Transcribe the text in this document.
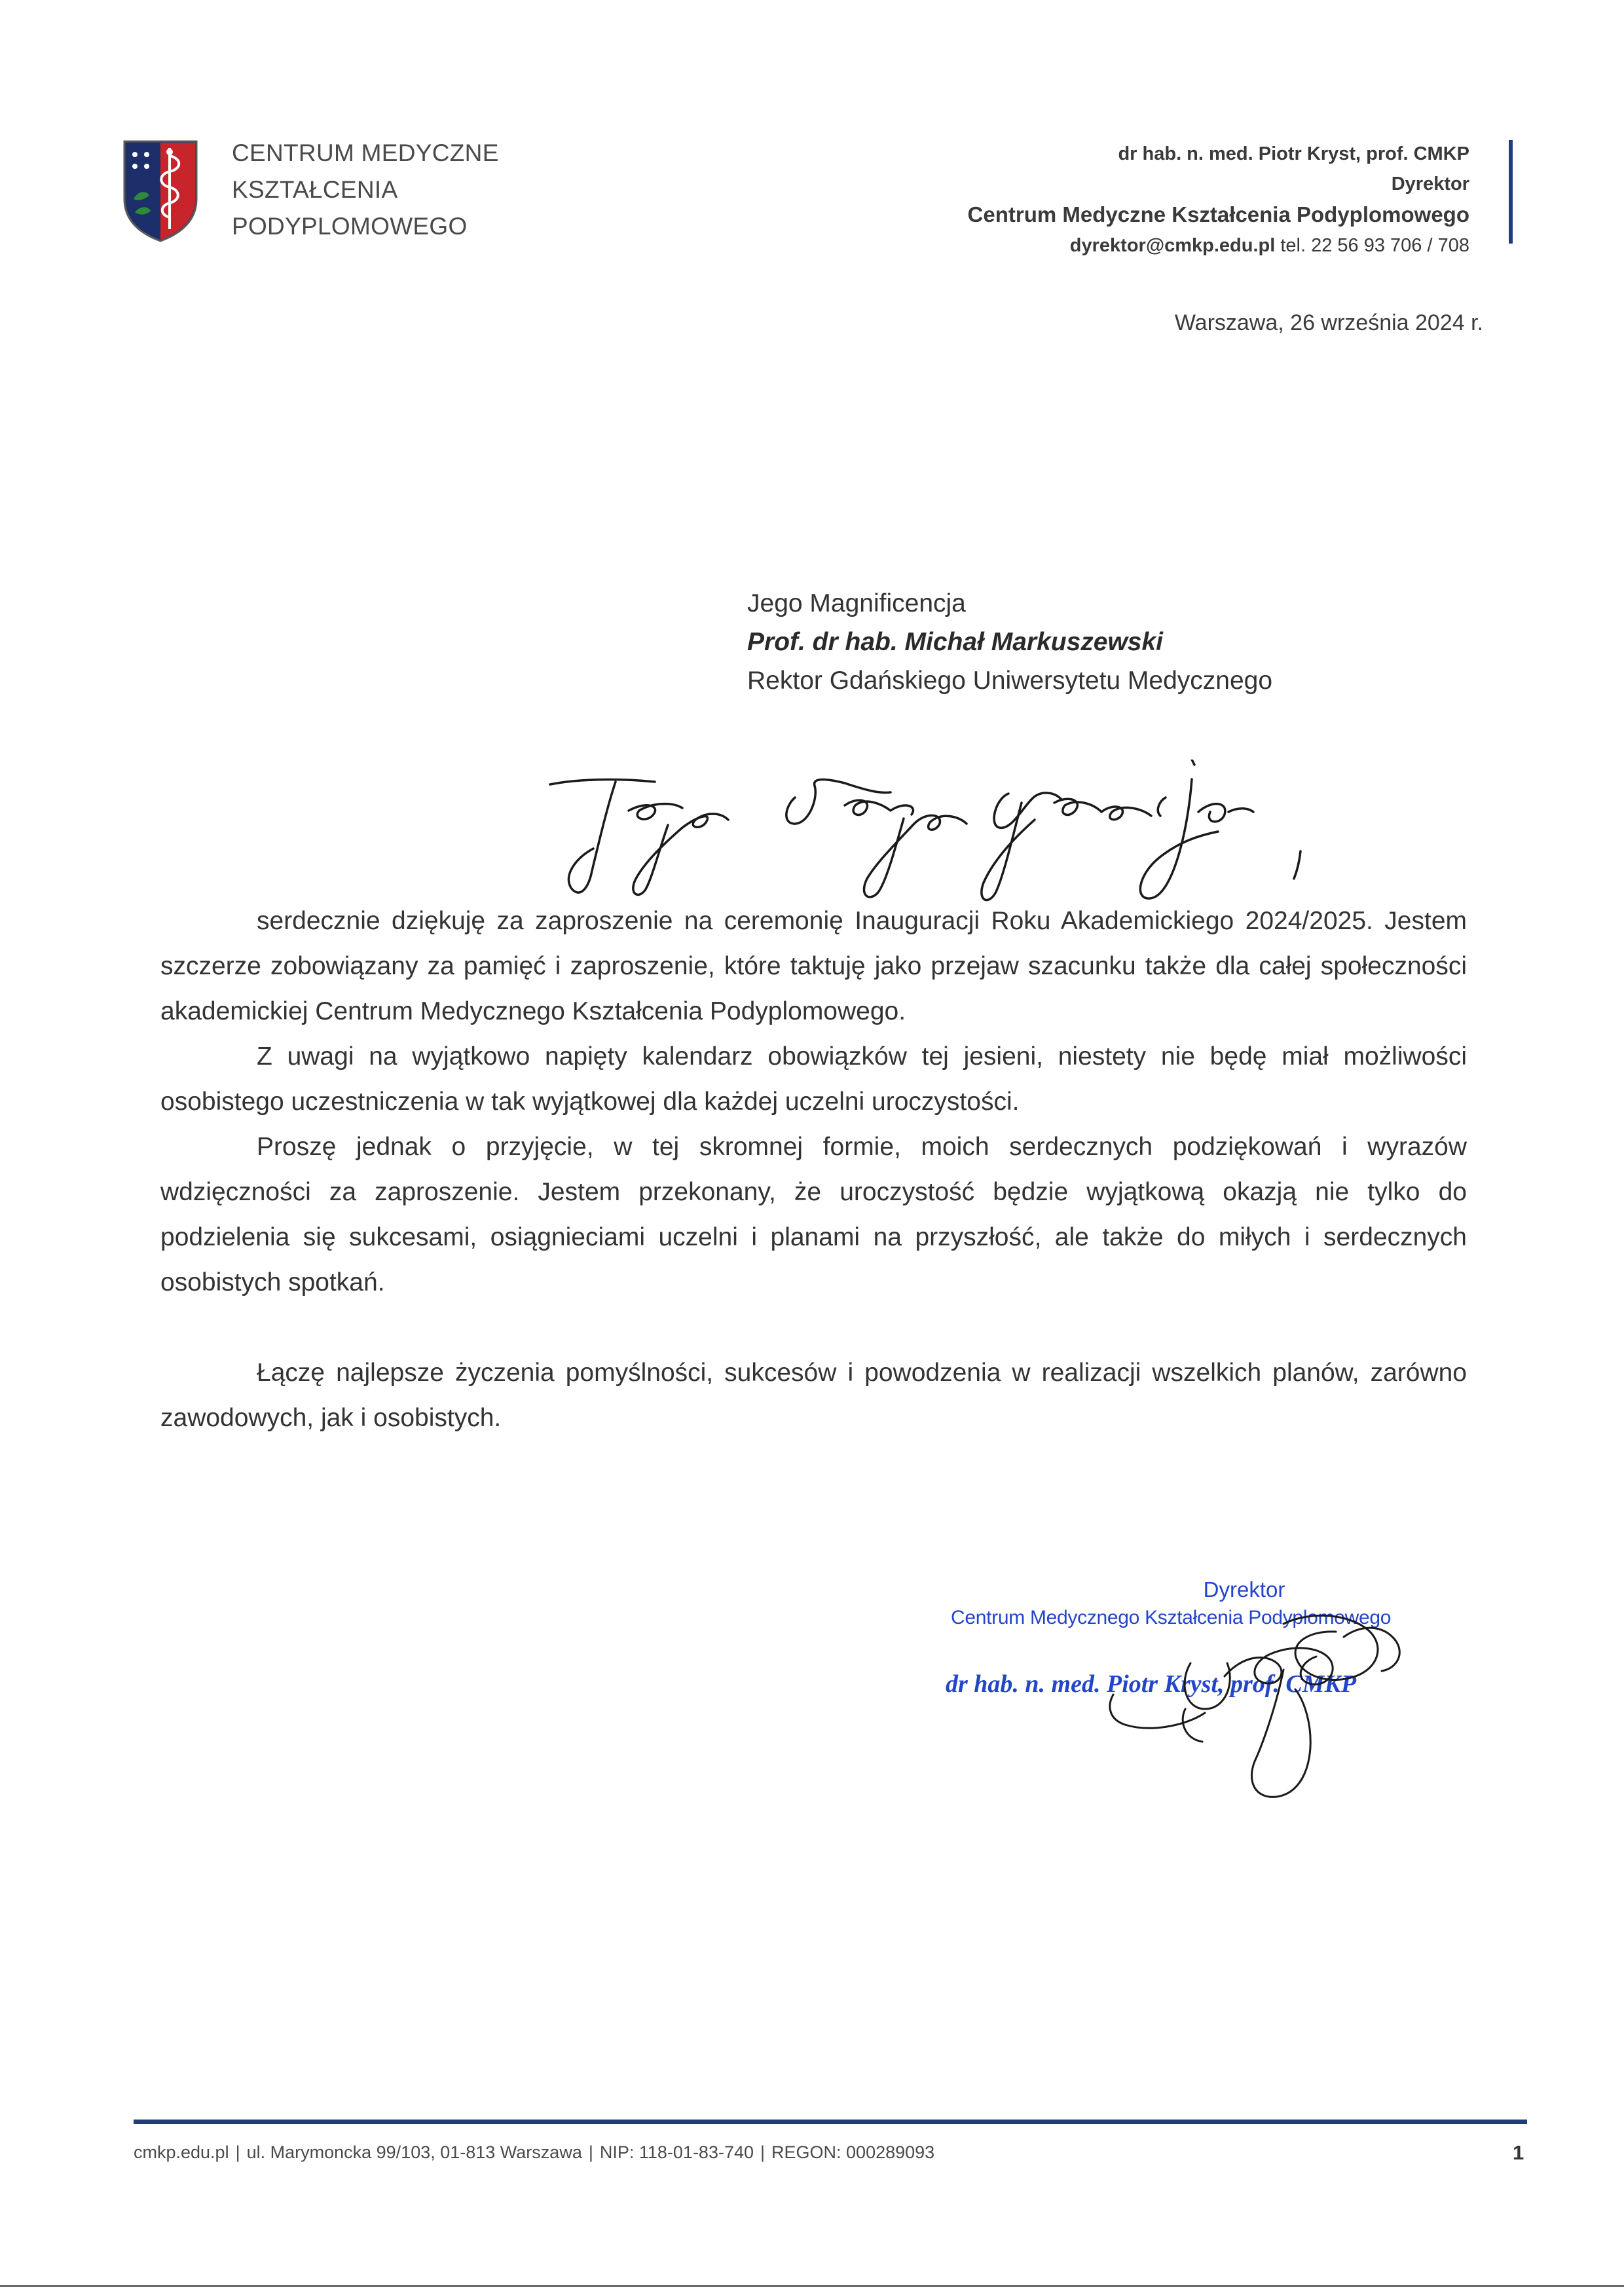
CENTRUM MEDYCZNE
KSZTAŁCENIA
PODYPLOMOWEGO
dr hab. n. med. Piotr Kryst, prof. CMKP
Dyrektor
Centrum Medyczne Kształcenia Podyplomowego
dyrektor@cmkp.edu.pl tel. 22 56 93 706 / 708
Warszawa, 26 września 2024 r.
Jego Magnificencja
Prof. dr hab. Michał Markuszewski
Rektor Gdańskiego Uniwersytetu Medycznego

serdecznie dziękuję za zaproszenie na ceremonię Inauguracji Roku Akademickiego 2024/2025. Jestem szczerze zobowiązany za pamięć i zaproszenie, które taktuję jako przejaw szacunku także dla całej społeczności akademickiej Centrum Medycznego Kształcenia Podyplomowego.

Z uwagi na wyjątkowo napięty kalendarz obowiązków tej jesieni, niestety nie będę miał możliwości osobistego uczestniczenia w tak wyjątkowej dla każdej uczelni uroczystości.

Proszę jednak o przyjęcie, w tej skromnej formie, moich serdecznych podziękowań i wyrazów wdzięczności za zaproszenie. Jestem przekonany, że uroczystość będzie wyjątkową okazją nie tylko do podzielenia się sukcesami, osiągnieciami uczelni i planami na przyszłość, ale także do miłych i serdecznych osobistych spotkań.

Łączę najlepsze życzenia pomyślności, sukcesów i powodzenia w realizacji wszelkich planów, zarówno zawodowych, jak i osobistych.

Dyrektor
Centrum Medycznego Kształcenia Podyplomowego
dr hab. n. med. Piotr Kryst, prof. CMKP
cmkp.edu.pl | ul. Marymoncka 99/103, 01-813 Warszawa | NIP: 118-01-83-740 | REGON: 000289093	1
